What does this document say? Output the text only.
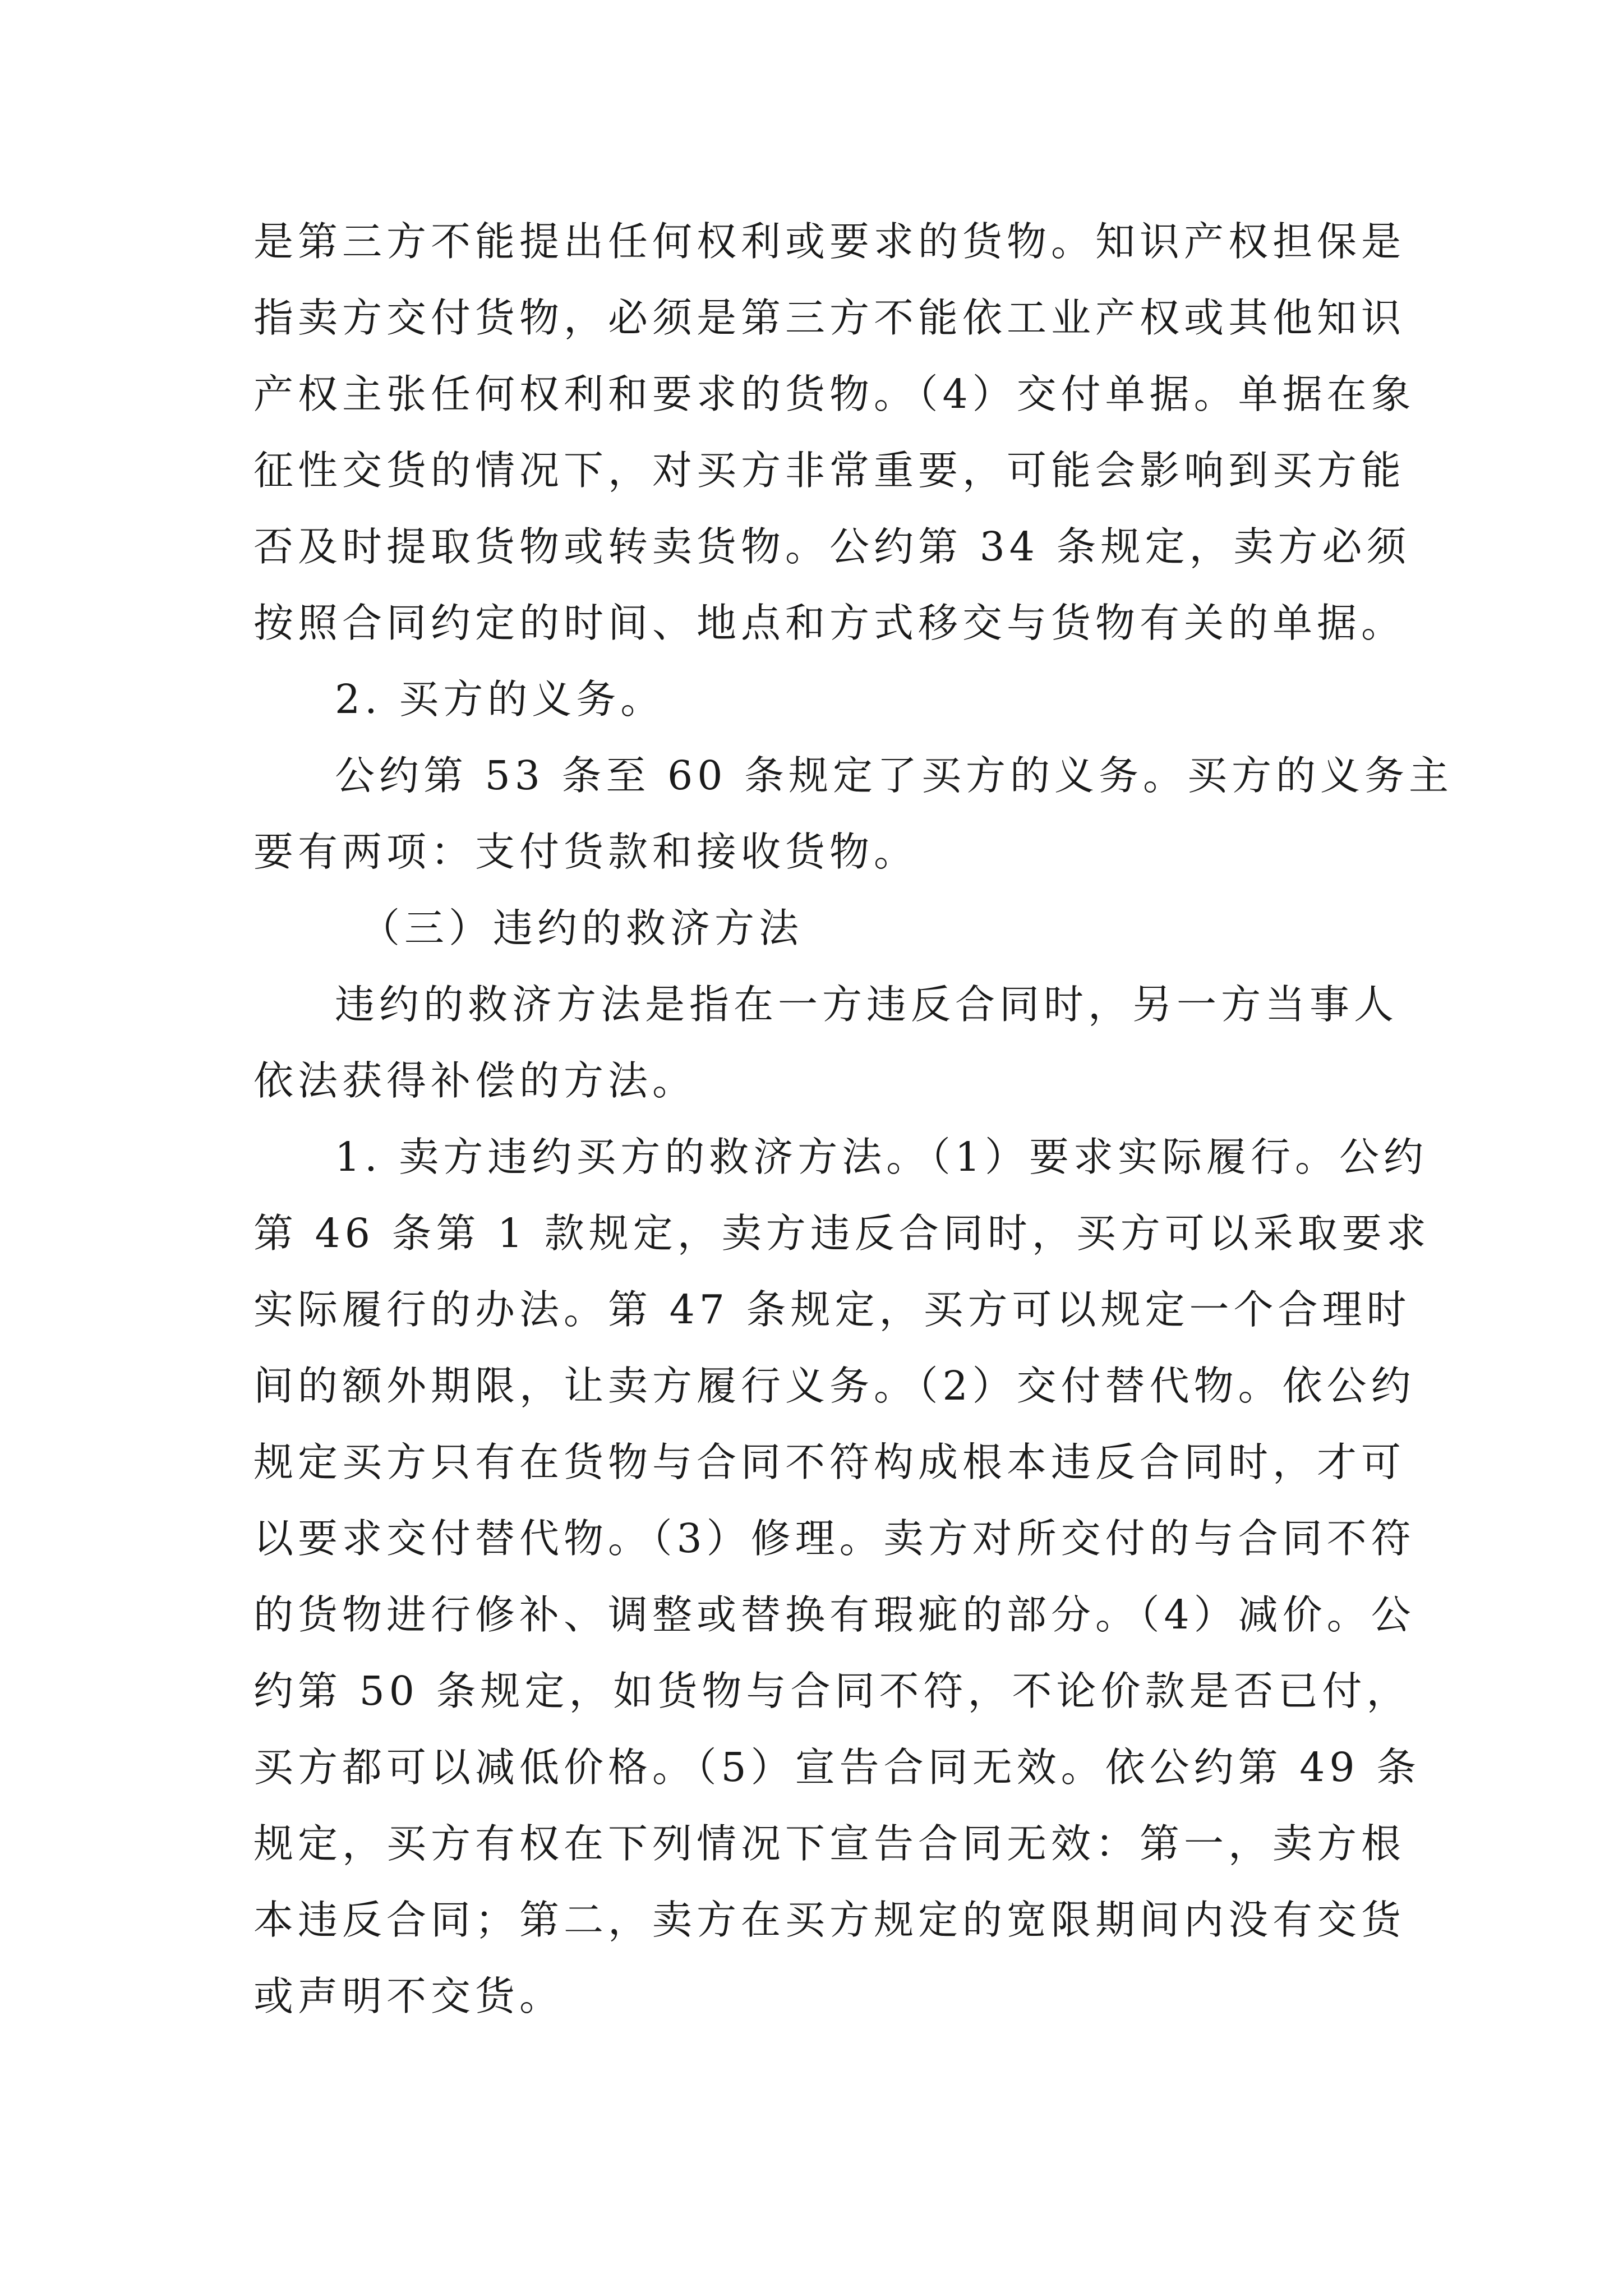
是第三方不能提出任何权利或要求的货物。知识产权担保是

指卖方交付货物，必须是第三方不能依工业产权或其他知识

产权主张任何权利和要求的货物。（4）交付单据。单据在象

征性交货的情况下，对买方非常重要，可能会影响到买方能

否及时提取货物或转卖货物。公约第 34 条规定，卖方必须

按照合同约定的时间、地点和方式移交与货物有关的单据。

2. 买方的义务。

公约第 53 条至 60 条规定了买方的义务。买方的义务主

要有两项：支付货款和接收货物。

（三）违约的救济方法

违约的救济方法是指在一方违反合同时，另一方当事人

依法获得补偿的方法。

1. 卖方违约买方的救济方法。（1）要求实际履行。公约

第 46 条第 1 款规定，卖方违反合同时，买方可以采取要求

实际履行的办法。第 47 条规定，买方可以规定一个合理时

间的额外期限，让卖方履行义务。（2）交付替代物。依公约

规定买方只有在货物与合同不符构成根本违反合同时，才可

以要求交付替代物。（3）修理。卖方对所交付的与合同不符

的货物进行修补、调整或替换有瑕疵的部分。（4）减价。公

约第 50 条规定，如货物与合同不符，不论价款是否已付，

买方都可以减低价格。（5）宣告合同无效。依公约第 49 条

规定，买方有权在下列情况下宣告合同无效：第一，卖方根

本违反合同；第二，卖方在买方规定的宽限期间内没有交货

或声明不交货。
